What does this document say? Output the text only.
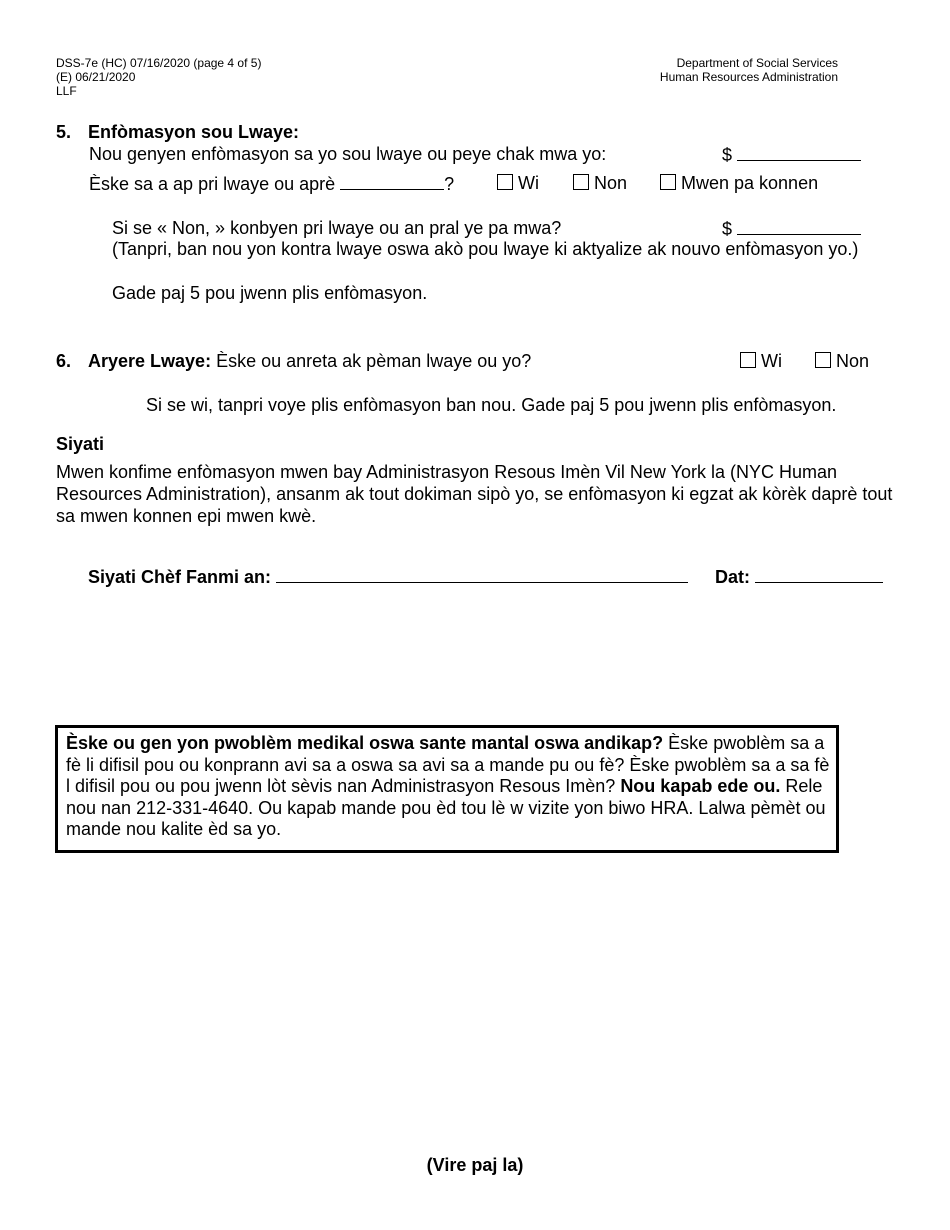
DSS-7e (HC) 07/16/2020 (page 4 of 5)
(E) 06/21/2020
LLF
Department of Social Services
Human Resources Administration
5. Enfòmasyon sou Lwaye:
Nou genyen enfòmasyon sa yo sou lwaye ou peye chak mwa yo:	$
Èske sa a ap pri lwaye ou aprè	?	Wi	Non	Mwen pa konnen
Si se « Non, » konbyen pri lwaye ou an pral ye pa mwa?	$
(Tanpri, ban nou yon kontra lwaye oswa akò pou lwaye ki aktyalize ak nouvo enfòmasyon yo.)
Gade paj 5 pou jwenn plis enfòmasyon.
6. Aryere Lwaye: Èske ou anreta ak pèman lwaye ou yo?	Wi	Non
Si se wi, tanpri voye plis enfòmasyon ban nou. Gade paj 5 pou jwenn plis enfòmasyon.
Siyati
Mwen konfime enfòmasyon mwen bay Administrasyon Resous Imèn Vil New York la (NYC Human Resources Administration), ansanm ak tout dokiman sipò yo, se enfòmasyon ki egzat ak kòrèk daprè tout sa mwen konnen epi mwen kwè.
Siyati Chèf Fanmi an:	Dat:
Èske ou gen yon pwoblèm medikal oswa sante mantal oswa andikap? Èske pwoblèm sa a fè li difisil pou ou konprann avi sa a oswa sa avi sa a mande pu ou fè? Èske pwoblèm sa a sa fè l difisil pou ou pou jwenn lòt sèvis nan Administrasyon Resous Imèn? Nou kapab ede ou. Rele nou nan 212-331-4640. Ou kapab mande pou èd tou lè w vizite yon biwo HRA. Lalwa pèmèt ou mande nou kalite èd sa yo.
(Vire paj la)
